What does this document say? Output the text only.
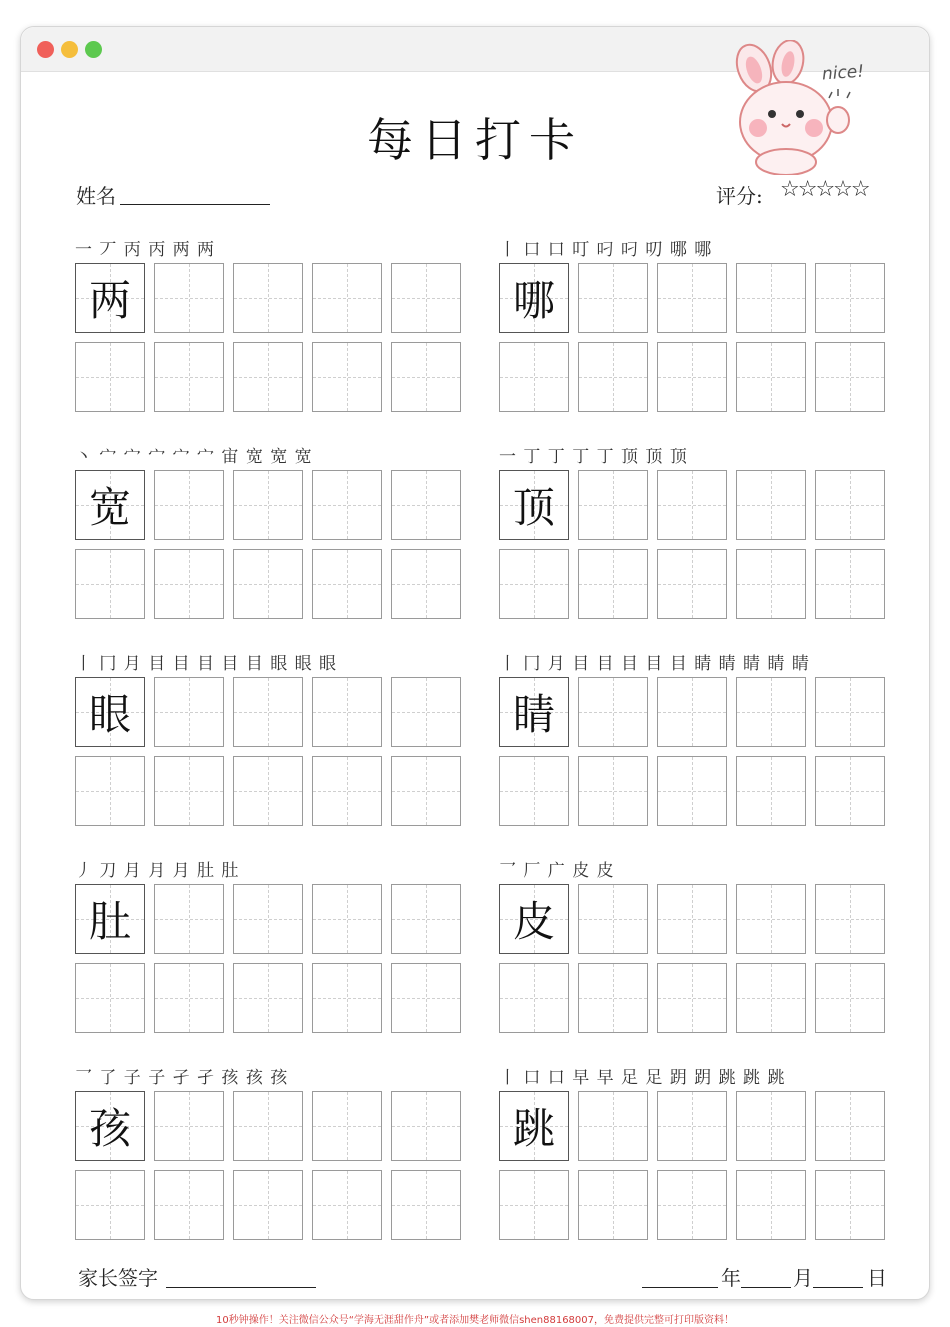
nice!
每日打卡
姓名	评分: ☆☆☆☆☆
一 丆 丙 丙 两 两
两
丨 口 口 叮 叼 叼 叨 哪 哪
哪
丶 宀 宀 宀 宀 宀 宙 宽 宽 宽
宽
一 丁 丁 丁 丁 顶 顶 顶
顶
丨 冂 月 目 目 目 目 目 眼 眼 眼
眼
丨 冂 月 目 目 目 目 目 睛 睛 睛 睛 睛
睛
丿 刀 月 月 月 肚 肚
肚
乛 厂 广 皮 皮
皮
乛 了 子 子 孑 孑 孩 孩 孩
孩
丨 口 口 早 早 足 足 跀 跀 跳 跳 跳
跳
家长签字	年	月	日
10秒钟操作！关注微信公众号“学海无涯甜作舟”或者添加樊老师微信shen88168007，免费提供完整可打印版资料！
